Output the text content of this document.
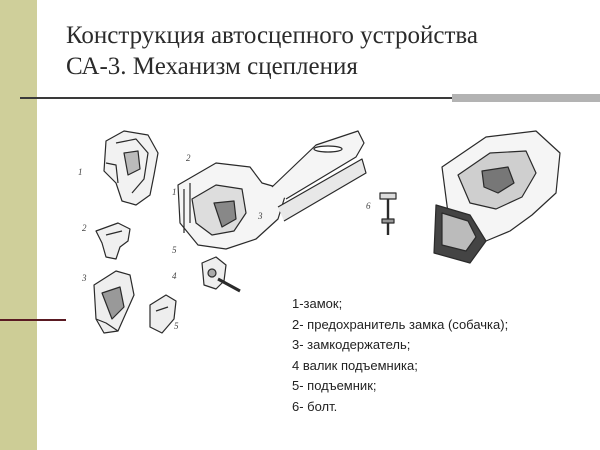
Конструкция автосцепного устройства
СА-3. Механизм сцепления
1
2
1
3
6
2
5
3	4
5
1-замок;
2- предохранитель замка (собачка);
3- замкодержатель;
4 валик подъемника;
5- подъемник;
6- болт.
